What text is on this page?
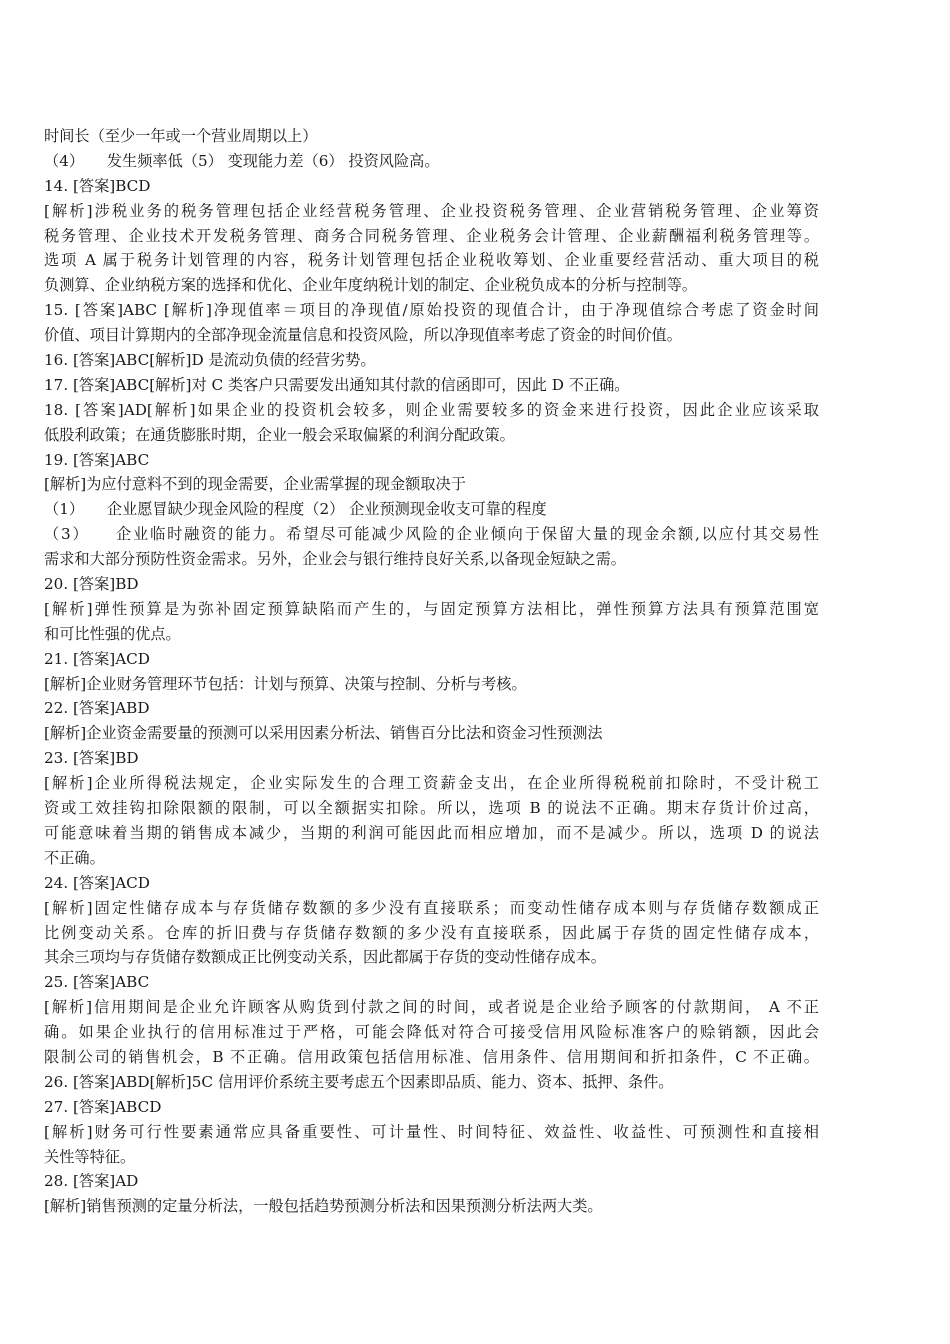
时间长（至少一年或一个营业周期以上）
（4）　　发生频率低（5） 变现能力差（6） 投资风险高。
14. [答案]BCD
[解析]涉税业务的税务管理包括企业经营税务管理、企业投资税务管理、企业营销税务管理、企业筹资
税务管理、企业技术开发税务管理、商务合同税务管理、企业税务会计管理、企业薪酬福利税务管理等。
选项 A 属于税务计划管理的内容，税务计划管理包括企业税收筹划、企业重要经营活动、重大项目的税
负测算、企业纳税方案的选择和优化、企业年度纳税计划的制定、企业税负成本的分析与控制等。
15. [答案]ABC [解析]净现值率＝项目的净现值/原始投资的现值合计，由于净现值综合考虑了资金时间
价值、项目计算期内的全部净现金流量信息和投资风险，所以净现值率考虑了资金的时间价值。
16. [答案]ABC[解析]D 是流动负债的经营劣势。
17. [答案]ABC[解析]对 C 类客户只需要发出通知其付款的信函即可，因此 D 不正确。
18. [答案]AD[解析]如果企业的投资机会较多，则企业需要较多的资金来进行投资，因此企业应该采取
低股利政策；在通货膨胀时期，企业一般会采取偏紧的利润分配政策。
19. [答案]ABC
[解析]为应付意料不到的现金需要，企业需掌握的现金额取决于
（1）　　企业愿冒缺少现金风险的程度（2） 企业预测现金收支可靠的程度
（3）　　企业临时融资的能力。希望尽可能减少风险的企业倾向于保留大量的现金余额,以应付其交易性
需求和大部分预防性资金需求。另外，企业会与银行维持良好关系,以备现金短缺之需。
20. [答案]BD
[解析]弹性预算是为弥补固定预算缺陷而产生的，与固定预算方法相比，弹性预算方法具有预算范围宽
和可比性强的优点。
21. [答案]ACD
[解析]企业财务管理环节包括：计划与预算、决策与控制、分析与考核。
22. [答案]ABD
[解析]企业资金需要量的预测可以采用因素分析法、销售百分比法和资金习性预测法
23. [答案]BD
[解析]企业所得税法规定，企业实际发生的合理工资薪金支出，在企业所得税税前扣除时，不受计税工
资或工效挂钩扣除限额的限制，可以全额据实扣除。所以，选项 B 的说法不正确。期末存货计价过高，
可能意味着当期的销售成本减少，当期的利润可能因此而相应增加，而不是减少。所以，选项 D 的说法
不正确。
24. [答案]ACD
[解析]固定性储存成本与存货储存数额的多少没有直接联系；而变动性储存成本则与存货储存数额成正
比例变动关系。仓库的折旧费与存货储存数额的多少没有直接联系，因此属于存货的固定性储存成本，
其余三项均与存货储存数额成正比例变动关系，因此都属于存货的变动性储存成本。
25. [答案]ABC
[解析]信用期间是企业允许顾客从购货到付款之间的时间，或者说是企业给予顾客的付款期间， A 不正
确。如果企业执行的信用标准过于严格，可能会降低对符合可接受信用风险标准客户的赊销额，因此会
限制公司的销售机会，B 不正确。信用政策包括信用标准、信用条件、信用期间和折扣条件，C 不正确。
26. [答案]ABD[解析]5C 信用评价系统主要考虑五个因素即品质、能力、资本、抵押、条件。
27. [答案]ABCD
[解析]财务可行性要素通常应具备重要性、可计量性、时间特征、效益性、收益性、可预测性和直接相
关性等特征。
28. [答案]AD
[解析]销售预测的定量分析法，一般包括趋势预测分析法和因果预测分析法两大类。
